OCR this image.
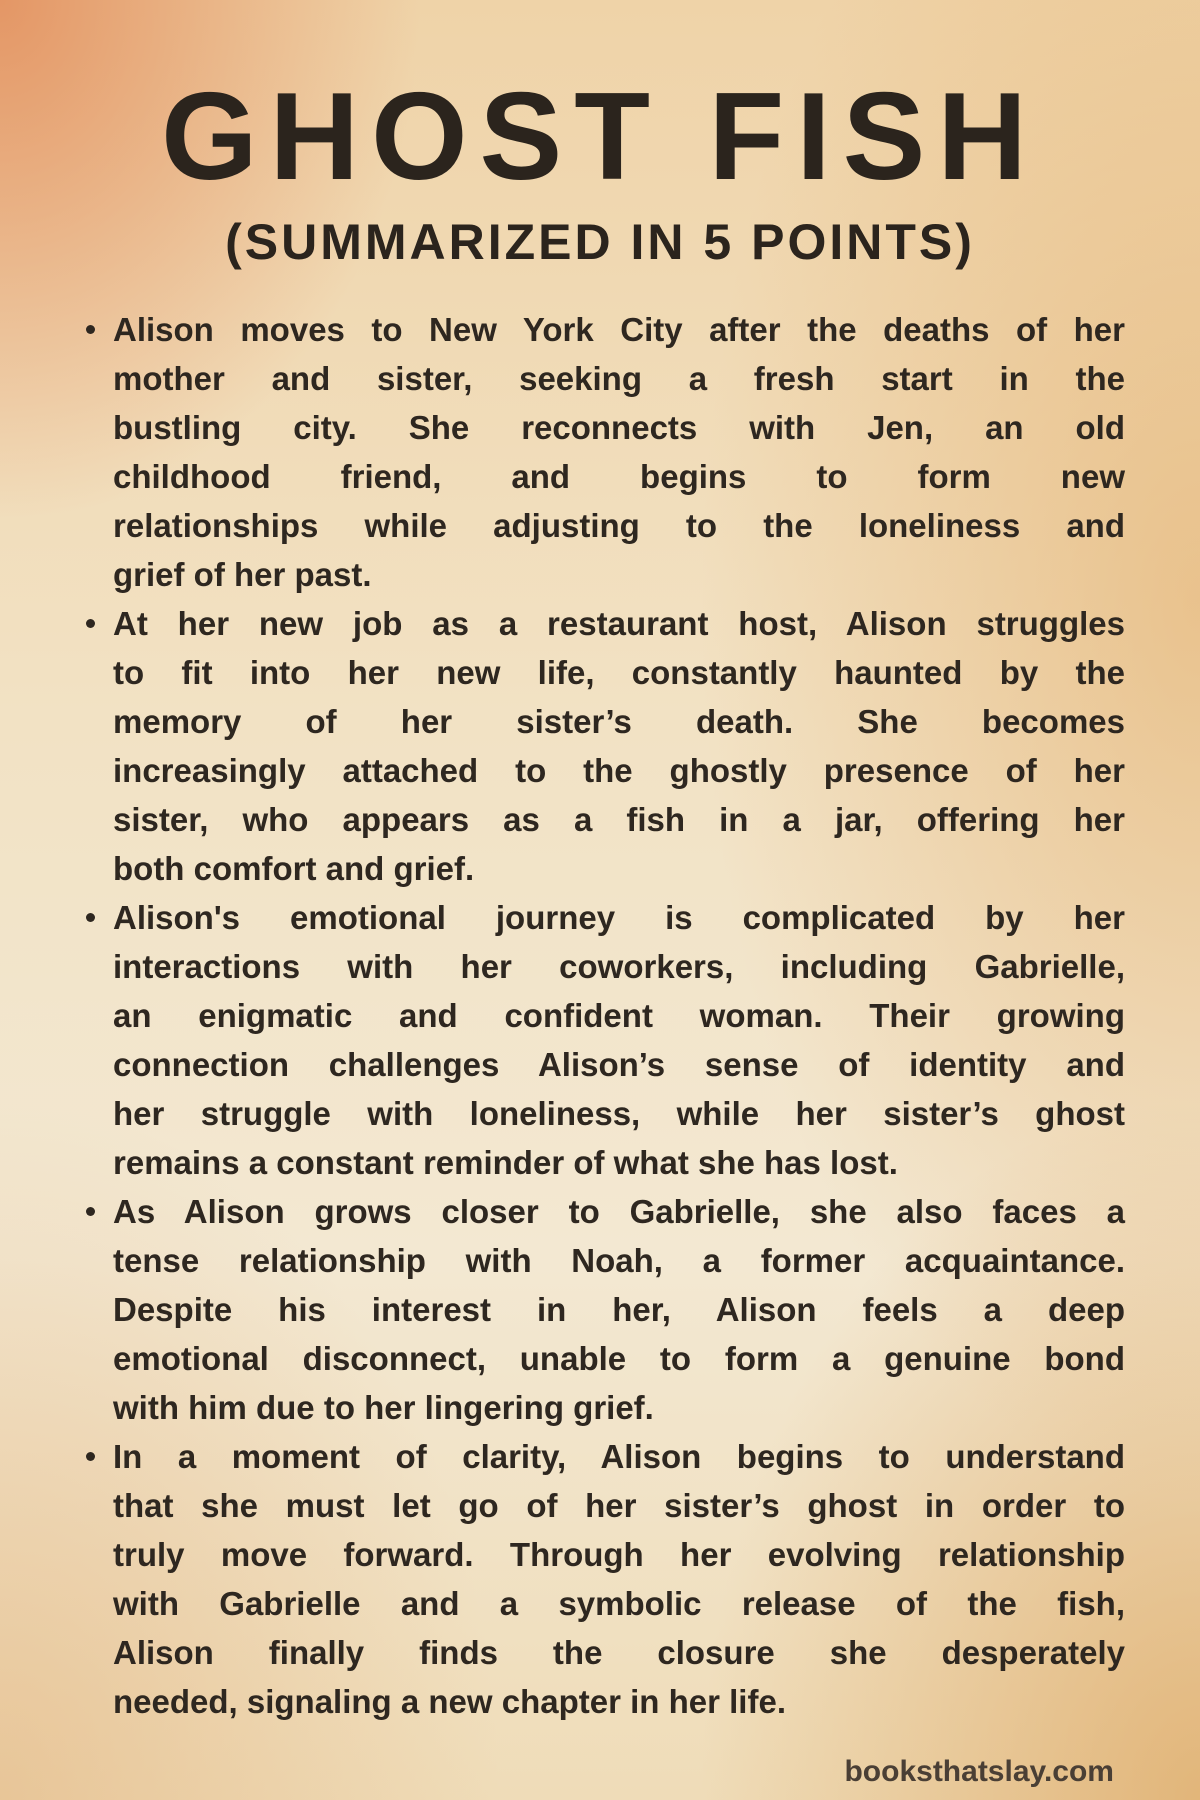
GHOST FISH
(SUMMARIZED IN 5 POINTS)
Alison moves to New York City after the deaths of her
mother and sister, seeking a fresh start in the
bustling city. She reconnects with Jen, an old
childhood friend, and begins to form new
relationships while adjusting to the loneliness and
grief of her past.
At her new job as a restaurant host, Alison struggles
to fit into her new life, constantly haunted by the
memory of her sister’s death. She becomes
increasingly attached to the ghostly presence of her
sister, who appears as a fish in a jar, offering her
both comfort and grief.
Alison's emotional journey is complicated by her
interactions with her coworkers, including Gabrielle,
an enigmatic and confident woman. Their growing
connection challenges Alison’s sense of identity and
her struggle with loneliness, while her sister’s ghost
remains a constant reminder of what she has lost.
As Alison grows closer to Gabrielle, she also faces a
tense relationship with Noah, a former acquaintance.
Despite his interest in her, Alison feels a deep
emotional disconnect, unable to form a genuine bond
with him due to her lingering grief.
In a moment of clarity, Alison begins to understand
that she must let go of her sister’s ghost in order to
truly move forward. Through her evolving relationship
with Gabrielle and a symbolic release of the fish,
Alison finally finds the closure she desperately
needed, signaling a new chapter in her life.
booksthatslay.com
